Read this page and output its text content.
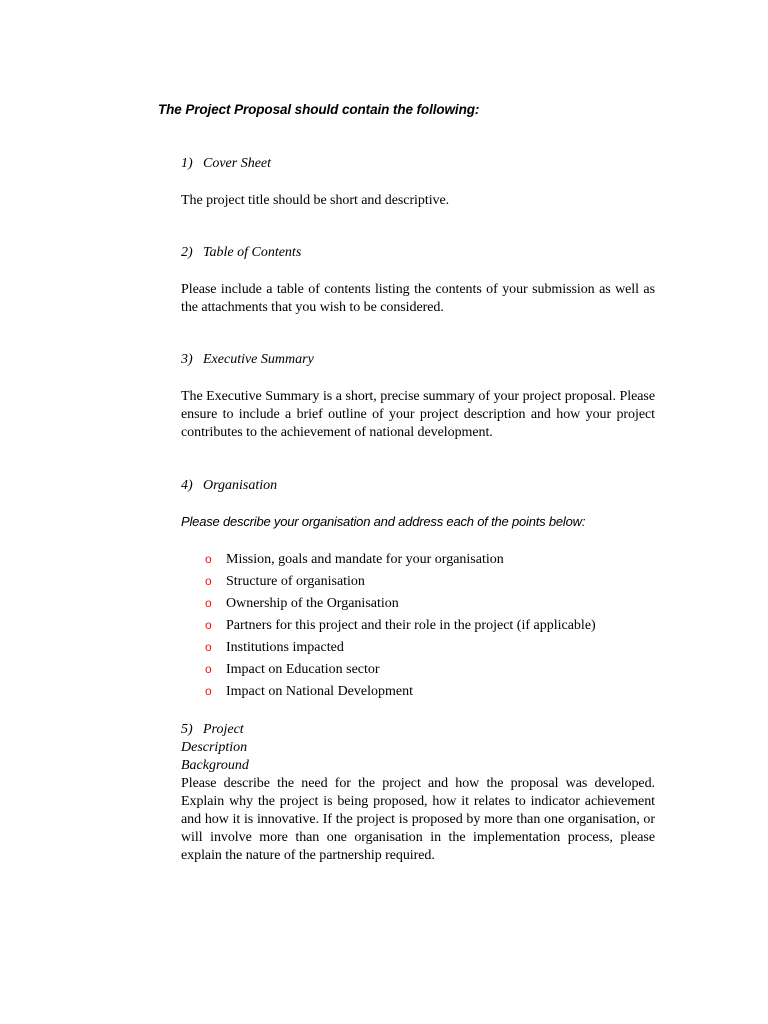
The Project Proposal should contain the following:
1) Cover Sheet
The project title should be short and descriptive.
2) Table of Contents
Please include a table of contents listing the contents of your submission as well as the attachments that you wish to be considered.
3) Executive Summary
The Executive Summary is a short, precise summary of your project proposal. Please ensure to include a brief outline of your project description and how your project contributes to the achievement of national development.
4) Organisation
Please describe your organisation and address each of the points below:
o Mission, goals and mandate for your organisation
o Structure of organisation
o Ownership of the Organisation
o Partners for this project and their role in the project (if applicable)
o Institutions impacted
o Impact on Education sector
o Impact on National Development
5) Project
Description
Background
Please describe the need for the project and how the proposal was developed. Explain why the project is being proposed, how it relates to indicator achievement and how it is innovative. If the project is proposed by more than one organisation, or will involve more than one organisation in the implementation process, please explain the nature of the partnership required.
